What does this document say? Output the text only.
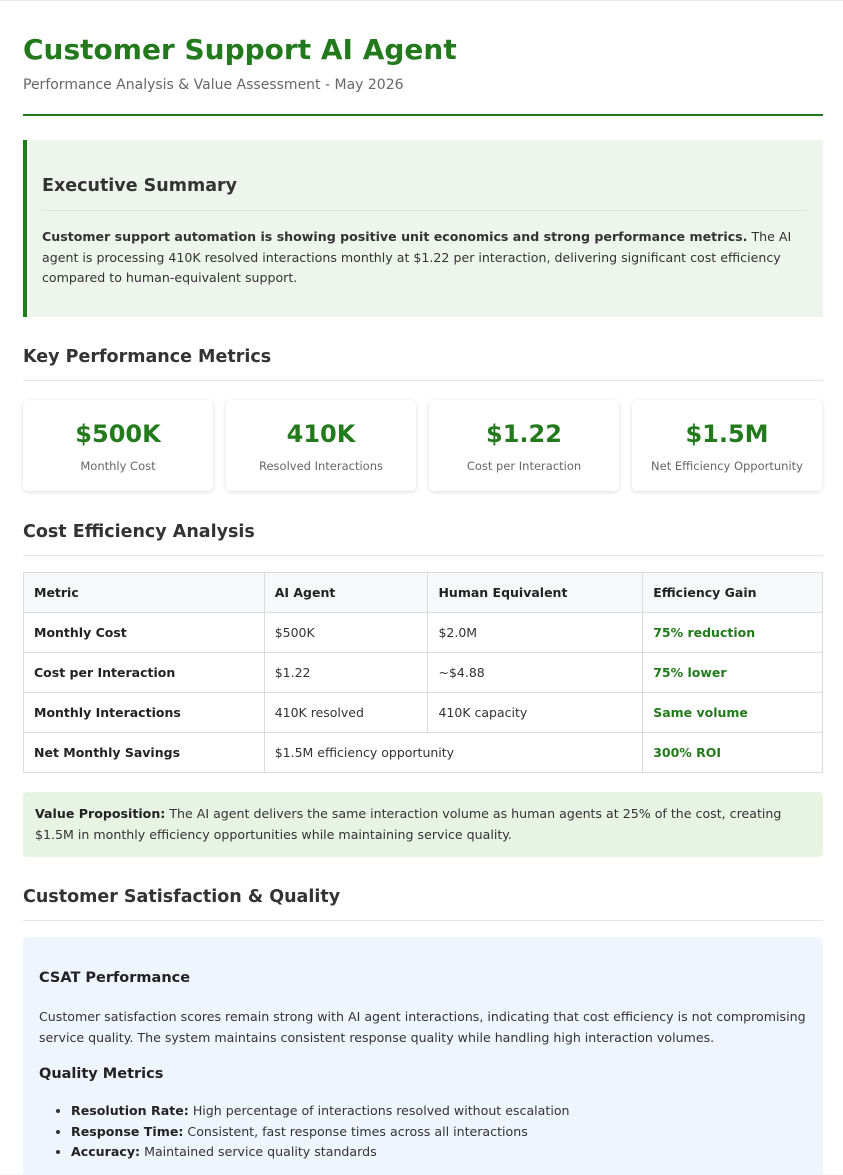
Customer Support AI Agent
Performance Analysis & Value Assessment - May 2026
Executive Summary

Customer support automation is showing positive unit economics and strong performance metrics. The AI agent is processing 410K resolved interactions monthly at $1.22 per interaction, delivering significant cost efficiency compared to human-equivalent support.

Key Performance Metrics
$500K
Monthly Cost
410K
Resolved Interactions
$1.22
Cost per Interaction
$1.5M
Net Efficiency Opportunity
Cost Efficiency Analysis
Metric	AI Agent	Human Equivalent	Efficiency Gain
Monthly Cost	$500K	$2.0M	75% reduction
Cost per Interaction	$1.22	~$4.88	75% lower
Monthly Interactions	410K resolved	410K capacity	Same volume
Net Monthly Savings	$1.5M efficiency opportunity		300% ROI
Value Proposition: The AI agent delivers the same interaction volume as human agents at 25% of the cost, creating $1.5M in monthly efficiency opportunities while maintaining service quality.
Customer Satisfaction & Quality
CSAT Performance

Customer satisfaction scores remain strong with AI agent interactions, indicating that cost efficiency is not compromising service quality. The system maintains consistent response quality while handling high interaction volumes.

Quality Metrics
• Resolution Rate: High percentage of interactions resolved without escalation
• Response Time: Consistent, fast response times across all interactions
• Accuracy: Maintained service quality standards
